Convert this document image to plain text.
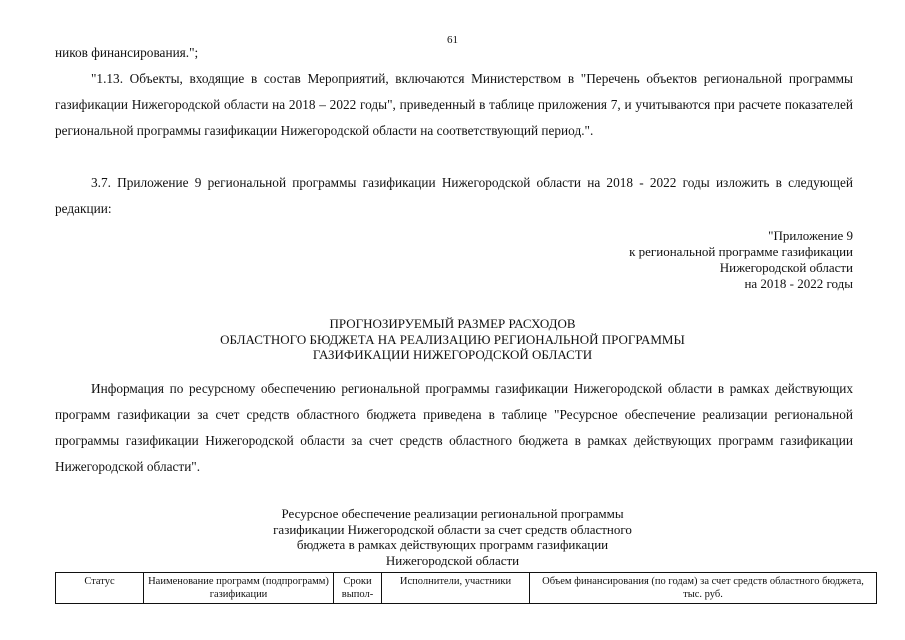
61

ников финансирования.";

"1.13. Объекты, входящие в состав Мероприятий, включаются Министерством в "Перечень объектов региональной программы газификации Нижегородской области на 2018 – 2022 годы", приведенный в таблице приложения 7, и учитываются при расчете показателей региональной программы газификации Нижегородской области на соответствующий период.".

3.7. Приложение 9 региональной программы газификации Нижегородской области на 2018 - 2022 годы изложить в следующей редакции:

"Приложение 9
к региональной программе газификации
Нижегородской области
на 2018 - 2022 годы
ПРОГНОЗИРУЕМЫЙ РАЗМЕР РАСХОДОВ
ОБЛАСТНОГО БЮДЖЕТА НА РЕАЛИЗАЦИЮ РЕГИОНАЛЬНОЙ ПРОГРАММЫ
ГАЗИФИКАЦИИ НИЖЕГОРОДСКОЙ ОБЛАСТИ

Информация по ресурсному обеспечению региональной программы газификации Нижегородской области в рамках действующих программ газификации за счет средств областного бюджета приведена в таблице "Ресурсное обеспечение реализации региональной программы газификации Нижегородской области за счет средств областного бюджета в рамках действующих программ газификации Нижегородской области".

Ресурсное обеспечение реализации региональной программы
газификации Нижегородской области за счет средств областного
бюджета в рамках действующих программ газификации
Нижегородской области
Статус	Наименование программ (подпрограмм) газификации	Сроки выпол-	Исполнители, участники	Объем финансирования (по годам) за счет средств областного бюджета, тыс. руб.
